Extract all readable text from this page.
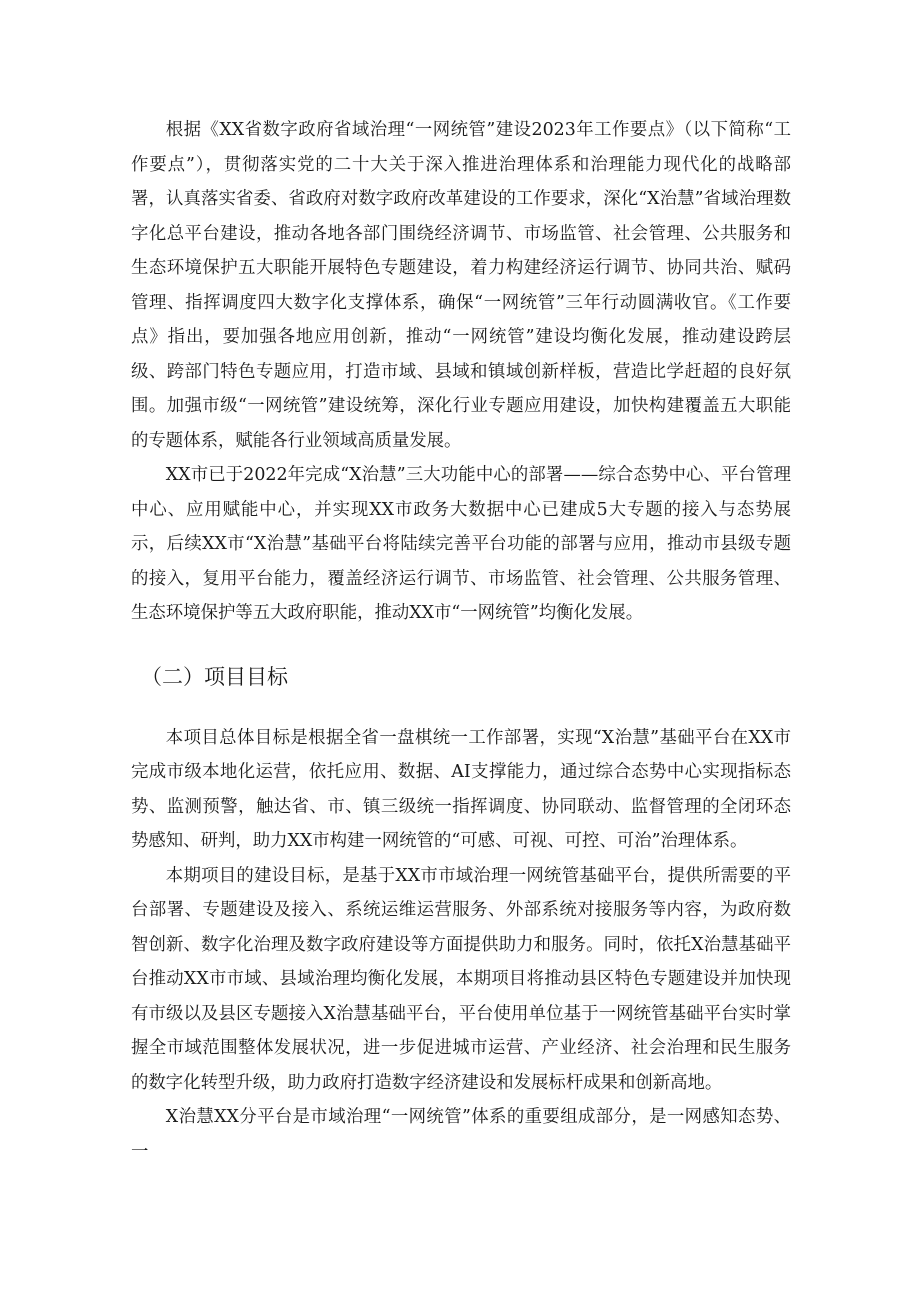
根据《XX省数字政府省域治理“一网统管”建设2023年工作要点》（以下简称“工作要点”），贯彻落实党的二十大关于深入推进治理体系和治理能力现代化的战略部署，认真落实省委、省政府对数字政府改革建设的工作要求，深化“X治慧”省域治理数字化总平台建设，推动各地各部门围绕经济调节、市场监管、社会管理、公共服务和生态环境保护五大职能开展特色专题建设，着力构建经济运行调节、协同共治、赋码管理、指挥调度四大数字化支撑体系，确保“一网统管”三年行动圆满收官。《工作要点》指出，要加强各地应用创新，推动“一网统管”建设均衡化发展，推动建设跨层级、跨部门特色专题应用，打造市域、县域和镇域创新样板，营造比学赶超的良好氛围。加强市级“一网统管”建设统筹，深化行业专题应用建设，加快构建覆盖五大职能的专题体系，赋能各行业领域高质量发展。

XX市已于2022年完成“X治慧”三大功能中心的部署——综合态势中心、平台管理中心、应用赋能中心，并实现XX市政务大数据中心已建成5大专题的接入与态势展示，后续XX市“X治慧”基础平台将陆续完善平台功能的部署与应用，推动市县级专题的接入，复用平台能力，覆盖经济运行调节、市场监管、社会管理、公共服务管理、生态环境保护等五大政府职能，推动XX市“一网统管”均衡化发展。

（二）项目目标

本项目总体目标是根据全省一盘棋统一工作部署，实现“X治慧”基础平台在XX市完成市级本地化运营，依托应用、数据、AI支撑能力，通过综合态势中心实现指标态势、监测预警，触达省、市、镇三级统一指挥调度、协同联动、监督管理的全闭环态势感知、研判，助力XX市构建一网统管的“可感、可视、可控、可治”治理体系。

本期项目的建设目标，是基于XX市市域治理一网统管基础平台，提供所需要的平台部署、专题建设及接入、系统运维运营服务、外部系统对接服务等内容，为政府数智创新、数字化治理及数字政府建设等方面提供助力和服务。同时，依托X治慧基础平台推动XX市市域、县域治理均衡化发展，本期项目将推动县区特色专题建设并加快现有市级以及县区专题接入X治慧基础平台，平台使用单位基于一网统管基础平台实时掌握全市域范围整体发展状况，进一步促进城市运营、产业经济、社会治理和民生服务的数字化转型升级，助力政府打造数字经济建设和发展标杆成果和创新高地。

X治慧XX分平台是市域治理“一网统管”体系的重要组成部分，是一网感知态势、一
